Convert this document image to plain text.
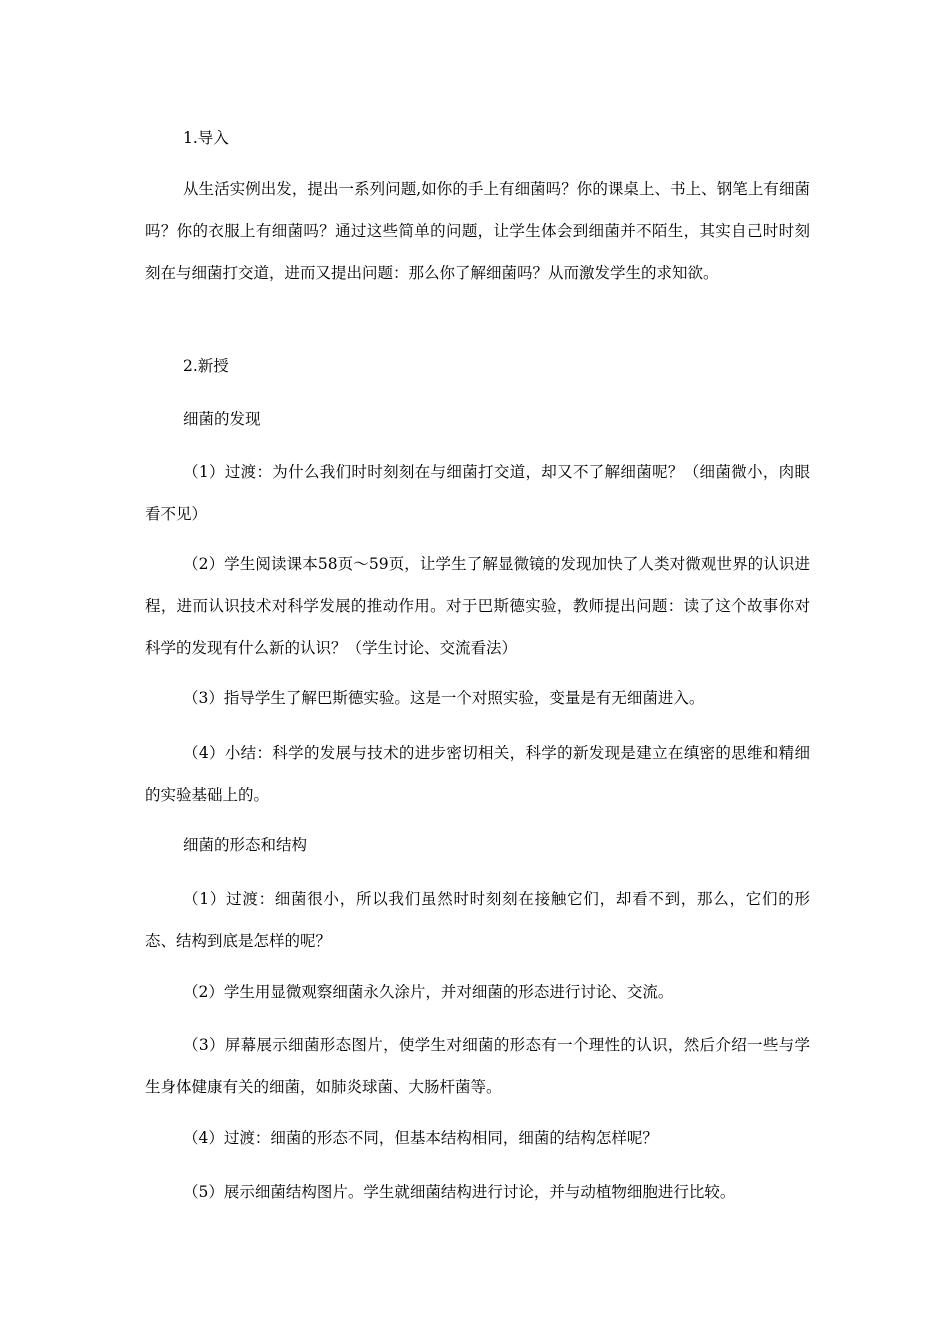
1.导入

从生活实例出发，提出一系列问题,如你的手上有细菌吗？你的课桌上、书上、钢笔上有细菌吗？你的衣服上有细菌吗？通过这些简单的问题，让学生体会到细菌并不陌生，其实自己时时刻刻在与细菌打交道，进而又提出问题：那么你了解细菌吗？从而激发学生的求知欲。

2.新授

细菌的发现

（1）过渡：为什么我们时时刻刻在与细菌打交道，却又不了解细菌呢？（细菌微小，肉眼看不见）

（2）学生阅读课本58页～59页，让学生了解显微镜的发现加快了人类对微观世界的认识进程，进而认识技术对科学发展的推动作用。对于巴斯德实验，教师提出问题：读了这个故事你对科学的发现有什么新的认识？（学生讨论、交流看法）

（3）指导学生了解巴斯德实验。这是一个对照实验，变量是有无细菌进入。

（4）小结：科学的发展与技术的进步密切相关，科学的新发现是建立在缜密的思维和精细的实验基础上的。

细菌的形态和结构

（1）过渡：细菌很小，所以我们虽然时时刻刻在接触它们，却看不到，那么，它们的形态、结构到底是怎样的呢？

（2）学生用显微观察细菌永久涂片，并对细菌的形态进行讨论、交流。

（3）屏幕展示细菌形态图片，使学生对细菌的形态有一个理性的认识，然后介绍一些与学生身体健康有关的细菌，如肺炎球菌、大肠杆菌等。

（4）过渡：细菌的形态不同，但基本结构相同，细菌的结构怎样呢？

（5）展示细菌结构图片。学生就细菌结构进行讨论，并与动植物细胞进行比较。
